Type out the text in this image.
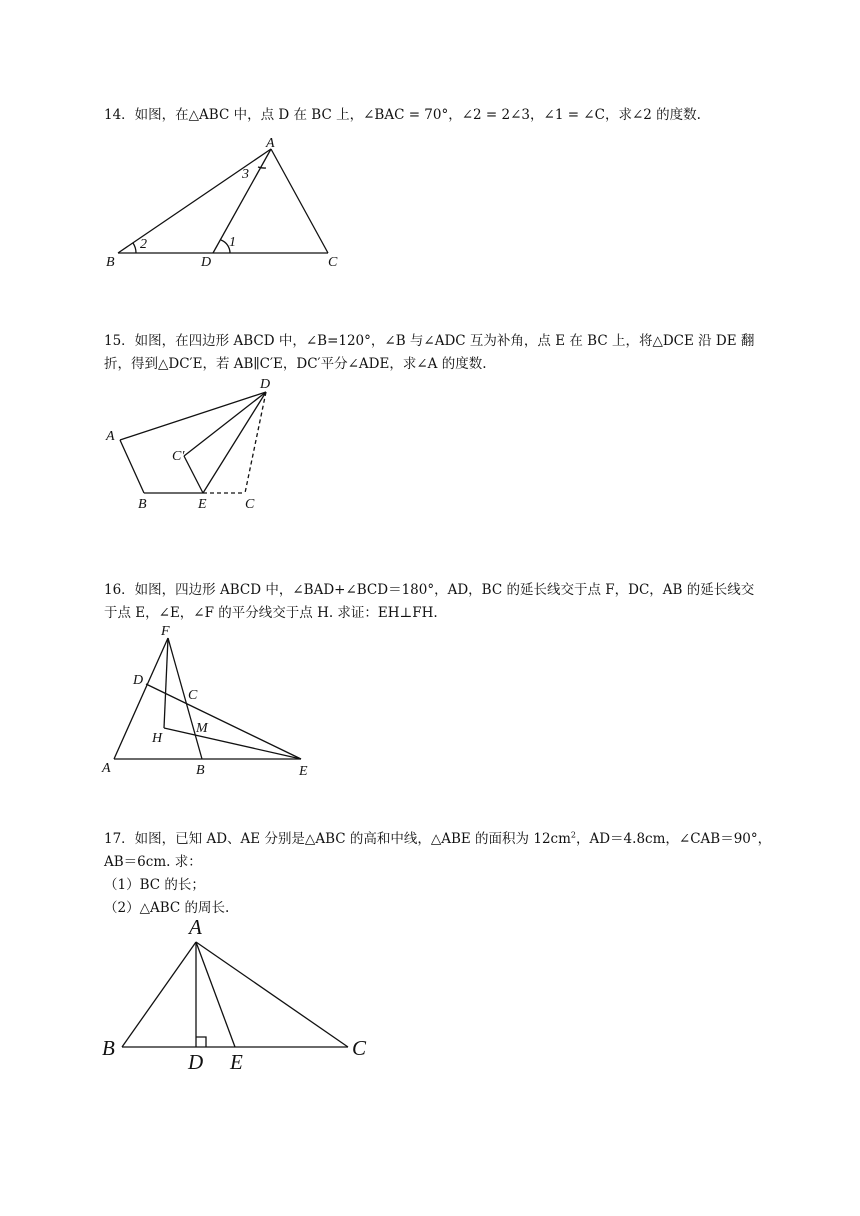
14．如图，在△ABC 中，点 D 在 BC 上，∠BAC = 70°，∠2 = 2∠3，∠1 = ∠C，求∠2 的度数.
A
B	D	C
3
2	1
15．如图，在四边形 ABCD 中，∠B=120°，∠B 与∠ADC 互为补角，点 E 在 BC 上，将△DCE 沿 DE 翻
折，得到△DC′E，若 AB∥C′E，DC′平分∠ADE，求∠A 的度数.
D
A
C′
B	E	C
16．如图，四边形 ABCD 中，∠BAD+∠BCD＝180°，AD，BC 的延长线交于点 F，DC，AB 的延长线交
于点 E，∠E，∠F 的平分线交于点 H. 求证：EH⊥FH.
F
D
C
M
H
A	B	E
17．如图，已知 AD、AE 分别是△ABC 的高和中线，△ABE 的面积为 $12cm^2$，AD＝4.8cm，∠CAB＝90°，
AB＝6cm. 求：
（1）BC 的长；
（2）△ABC 的周长.
A
B
D E
C
